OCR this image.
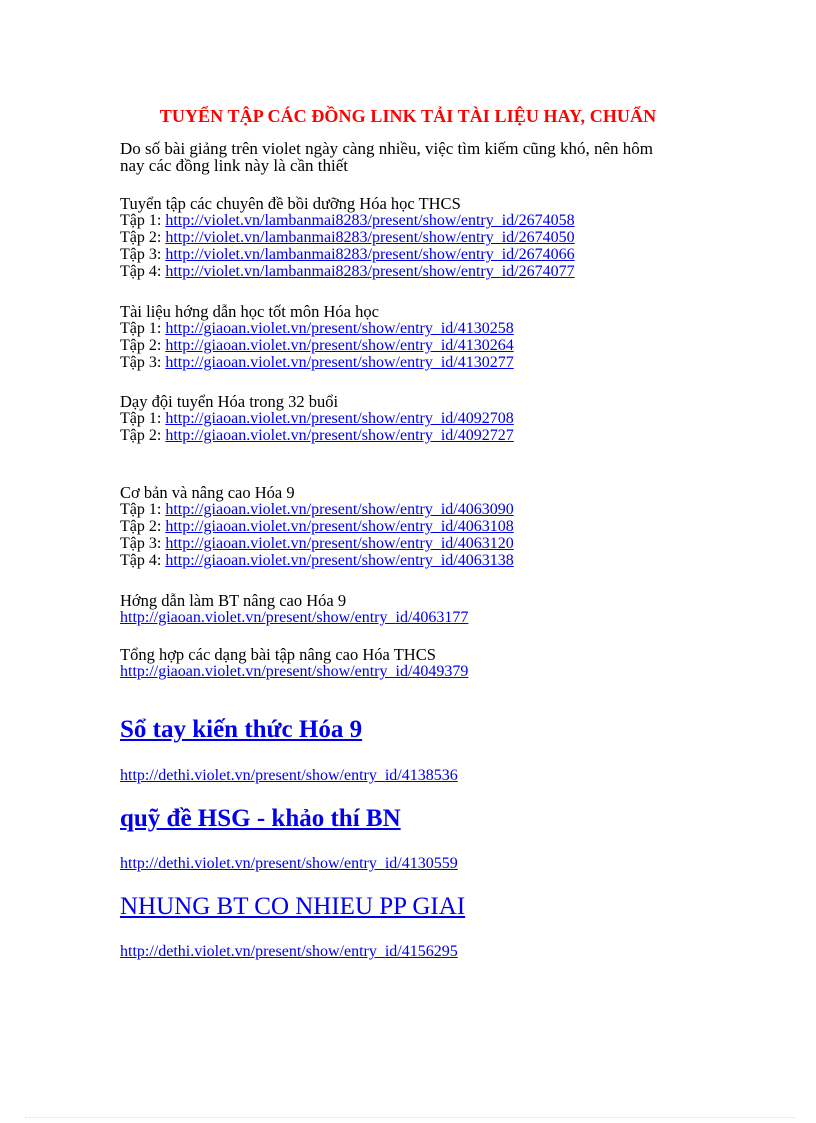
TUYỂN TẬP CÁC ĐỒNG LINK TẢI TÀI LIỆU HAY, CHUẨN
Do số bài giảng trên violet ngày càng nhiều, việc tìm kiếm cũng khó, nên hôm nay các đồng link này là cần thiết
Tuyển tập các chuyên đề bồi dưỡng Hóa học THCS
Tập 1: http://violet.vn/lambanmai8283/present/show/entry_id/2674058
Tập 2: http://violet.vn/lambanmai8283/present/show/entry_id/2674050
Tập 3: http://violet.vn/lambanmai8283/present/show/entry_id/2674066
Tập 4: http://violet.vn/lambanmai8283/present/show/entry_id/2674077
Tài liệu hớng dẫn học tốt môn Hóa học
Tập 1: http://giaoan.violet.vn/present/show/entry_id/4130258
Tập 2: http://giaoan.violet.vn/present/show/entry_id/4130264
Tập 3: http://giaoan.violet.vn/present/show/entry_id/4130277
Dạy đội tuyển Hóa trong 32 buổi
Tập 1: http://giaoan.violet.vn/present/show/entry_id/4092708
Tập 2: http://giaoan.violet.vn/present/show/entry_id/4092727
Cơ bản và nâng cao Hóa 9
Tập 1: http://giaoan.violet.vn/present/show/entry_id/4063090
Tập 2: http://giaoan.violet.vn/present/show/entry_id/4063108
Tập 3: http://giaoan.violet.vn/present/show/entry_id/4063120
Tập 4: http://giaoan.violet.vn/present/show/entry_id/4063138
Hớng dẫn làm BT nâng cao Hóa 9
http://giaoan.violet.vn/present/show/entry_id/4063177
Tổng hợp các dạng bài tập nâng cao Hóa THCS
http://giaoan.violet.vn/present/show/entry_id/4049379
Sổ tay kiến thức Hóa 9
http://dethi.violet.vn/present/show/entry_id/4138536
quỹ đề HSG - khảo thí BN
http://dethi.violet.vn/present/show/entry_id/4130559
NHUNG BT CO NHIEU PP GIAI
http://dethi.violet.vn/present/show/entry_id/4156295
